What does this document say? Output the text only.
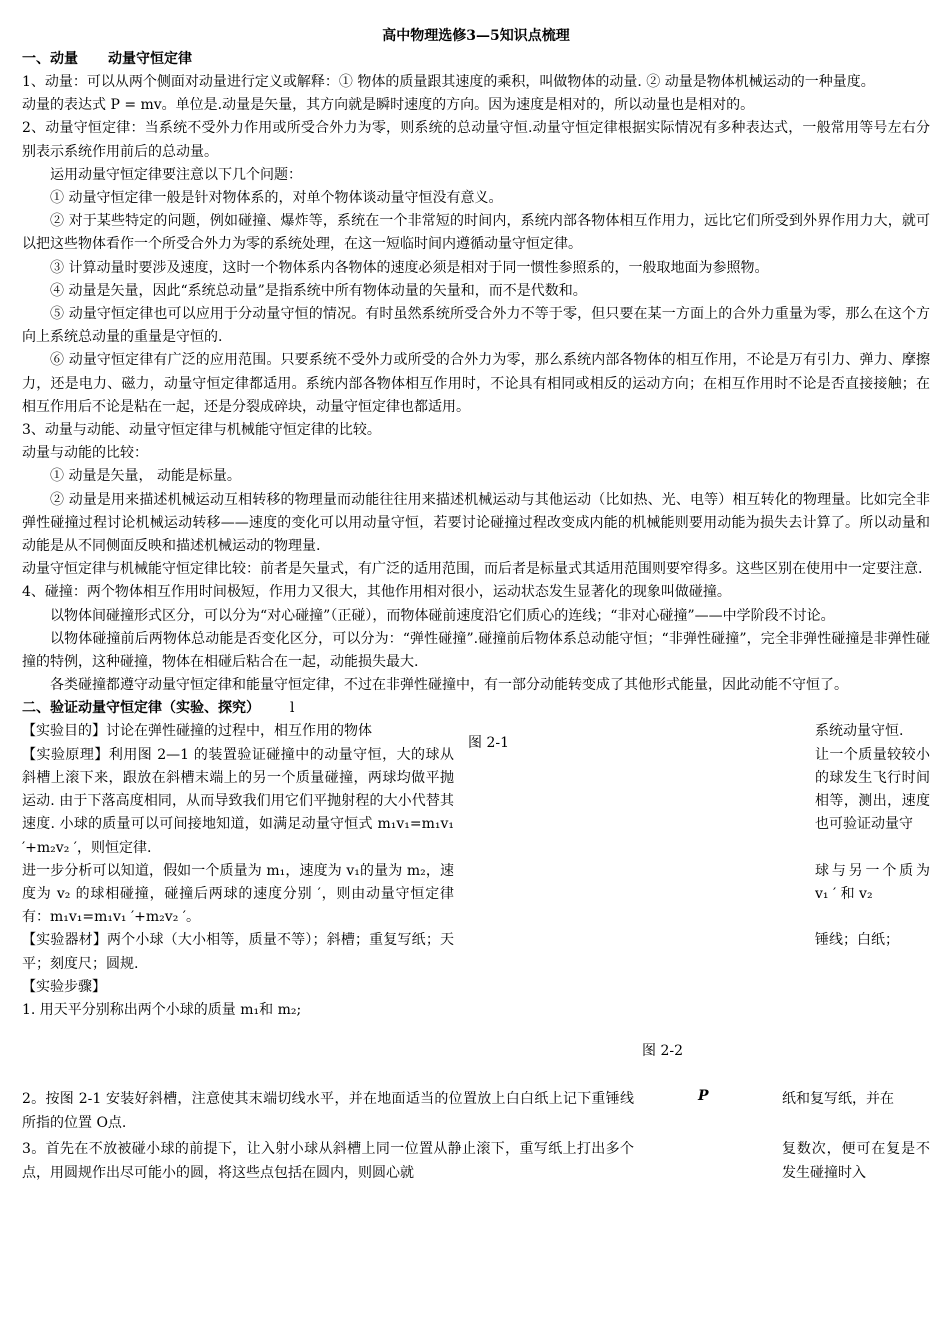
高中物理选修3—5知识点梳理
一、动量 动量守恒定律
1、动量：可以从两个侧面对动量进行定义或解释：① 物体的质量跟其速度的乘积，叫做物体的动量. ② 动量是物体机械运动的一种量度。
动量的表达式 P = mv。单位是.动量是矢量，其方向就是瞬时速度的方向。因为速度是相对的，所以动量也是相对的。
2、动量守恒定律：当系统不受外力作用或所受合外力为零，则系统的总动量守恒.动量守恒定律根据实际情况有多种表达式，一般常用等号左右分别表示系统作用前后的总动量。
运用动量守恒定律要注意以下几个问题：
① 动量守恒定律一般是针对物体系的，对单个物体谈动量守恒没有意义。
② 对于某些特定的问题，例如碰撞、爆炸等，系统在一个非常短的时间内，系统内部各物体相互作用力，远比它们所受到外界作用力大，就可以把这些物体看作一个所受合外力为零的系统处理，在这一短临时间内遵循动量守恒定律。
③ 计算动量时要涉及速度，这时一个物体系内各物体的速度必须是相对于同一惯性参照系的，一般取地面为参照物。
④ 动量是矢量，因此“系统总动量”是指系统中所有物体动量的矢量和，而不是代数和。
⑤ 动量守恒定律也可以应用于分动量守恒的情况。有时虽然系统所受合外力不等于零，但只要在某一方面上的合外力重量为零，那么在这个方向上系统总动量的重量是守恒的.
⑥ 动量守恒定律有广泛的应用范围。只要系统不受外力或所受的合外力为零，那么系统内部各物体的相互作用，不论是万有引力、弹力、摩擦力，还是电力、磁力，动量守恒定律都适用。系统内部各物体相互作用时，不论具有相同或相反的运动方向；在相互作用时不论是否直接接触；在相互作用后不论是粘在一起，还是分裂成碎块，动量守恒定律也都适用。
3、动量与动能、动量守恒定律与机械能守恒定律的比较。
动量与动能的比较：
① 动量是矢量， 动能是标量。
② 动量是用来描述机械运动互相转移的物理量而动能往往用来描述机械运动与其他运动（比如热、光、电等）相互转化的物理量。比如完全非弹性碰撞过程讨论机械运动转移——速度的变化可以用动量守恒，若要讨论碰撞过程改变成内能的机械能则要用动能为损失去计算了。所以动量和动能是从不同侧面反映和描述机械运动的物理量.
动量守恒定律与机械能守恒定律比较：前者是矢量式，有广泛的适用范围，而后者是标量式其适用范围则要窄得多。这些区别在使用中一定要注意.
4、碰撞：两个物体相互作用时间极短，作用力又很大，其他作用相对很小，运动状态发生显著化的现象叫做碰撞。
以物体间碰撞形式区分，可以分为“对心碰撞”（正碰），而物体碰前速度沿它们质心的连线；“非对心碰撞”——中学阶段不讨论。
以物体碰撞前后两物体总动能是否变化区分，可以分为：“弹性碰撞”.碰撞前后物体系总动能守恒；“非弹性碰撞”，完全非弹性碰撞是非弹性碰撞的特例，这种碰撞，物体在相碰后粘合在一起，动能损失最大.
各类碰撞都遵守动量守恒定律和能量守恒定律，不过在非弹性碰撞中，有一部分动能转变成了其他形式能量，因此动能不守恒了。
二、验证动量守恒定律（实验、探究） l
【实验目的】讨论在弹性碰撞的过程中，相互作用的物体
【实验原理】利用图 2—1 的装置验证碰撞中的动量守恒，大的球从斜槽上滚下来，跟放在斜槽末端上的另一个质量碰撞，两球均做平抛运动. 由于下落高度相同，从而导致我们用它们平抛射程的大小代替其速度. 小球的质量可以可间接地知道，如满足动量守恒式 m₁v₁=m₁v₁ ′+m₂v₂ ′，则恒定律.
进一步分析可以知道，假如一个质量为 m₁，速度为 v₁的量为 m₂，速度为 v₂ 的球相碰撞，碰撞后两球的速度分别 ′，则由动量守恒定律有：m₁v₁=m₁v₁ ′+m₂v₂ ′。
【实验器材】两个小球（大小相等，质量不等）；斜槽；重复写纸；天平；刻度尺；圆规.
【实验步骤】
1. 用天平分别称出两个小球的质量 m₁和 m₂;
图 2-1
图 2-2
系统动量守恒.
让一个质量较较小的球发生飞行时间相等，测出，速度也可验证动量守
球与另一个质为 v₁ ′ 和 v₂
锤线；白纸；
2。按图 2-1 安装好斜槽，注意使其末端切线水平，并在地面适当的位置放上白白纸上记下重锤线所指的位置 O点.
P	纸和复写纸，并在
3。首先在不放被碰小球的前提下，让入射小球从斜槽上同一位置从静止滚下，重写纸上打出多个点，用圆规作出尽可能小的圆，将这些点包括在圆内，则圆心就
复数次，便可在复是不发生碰撞时入
